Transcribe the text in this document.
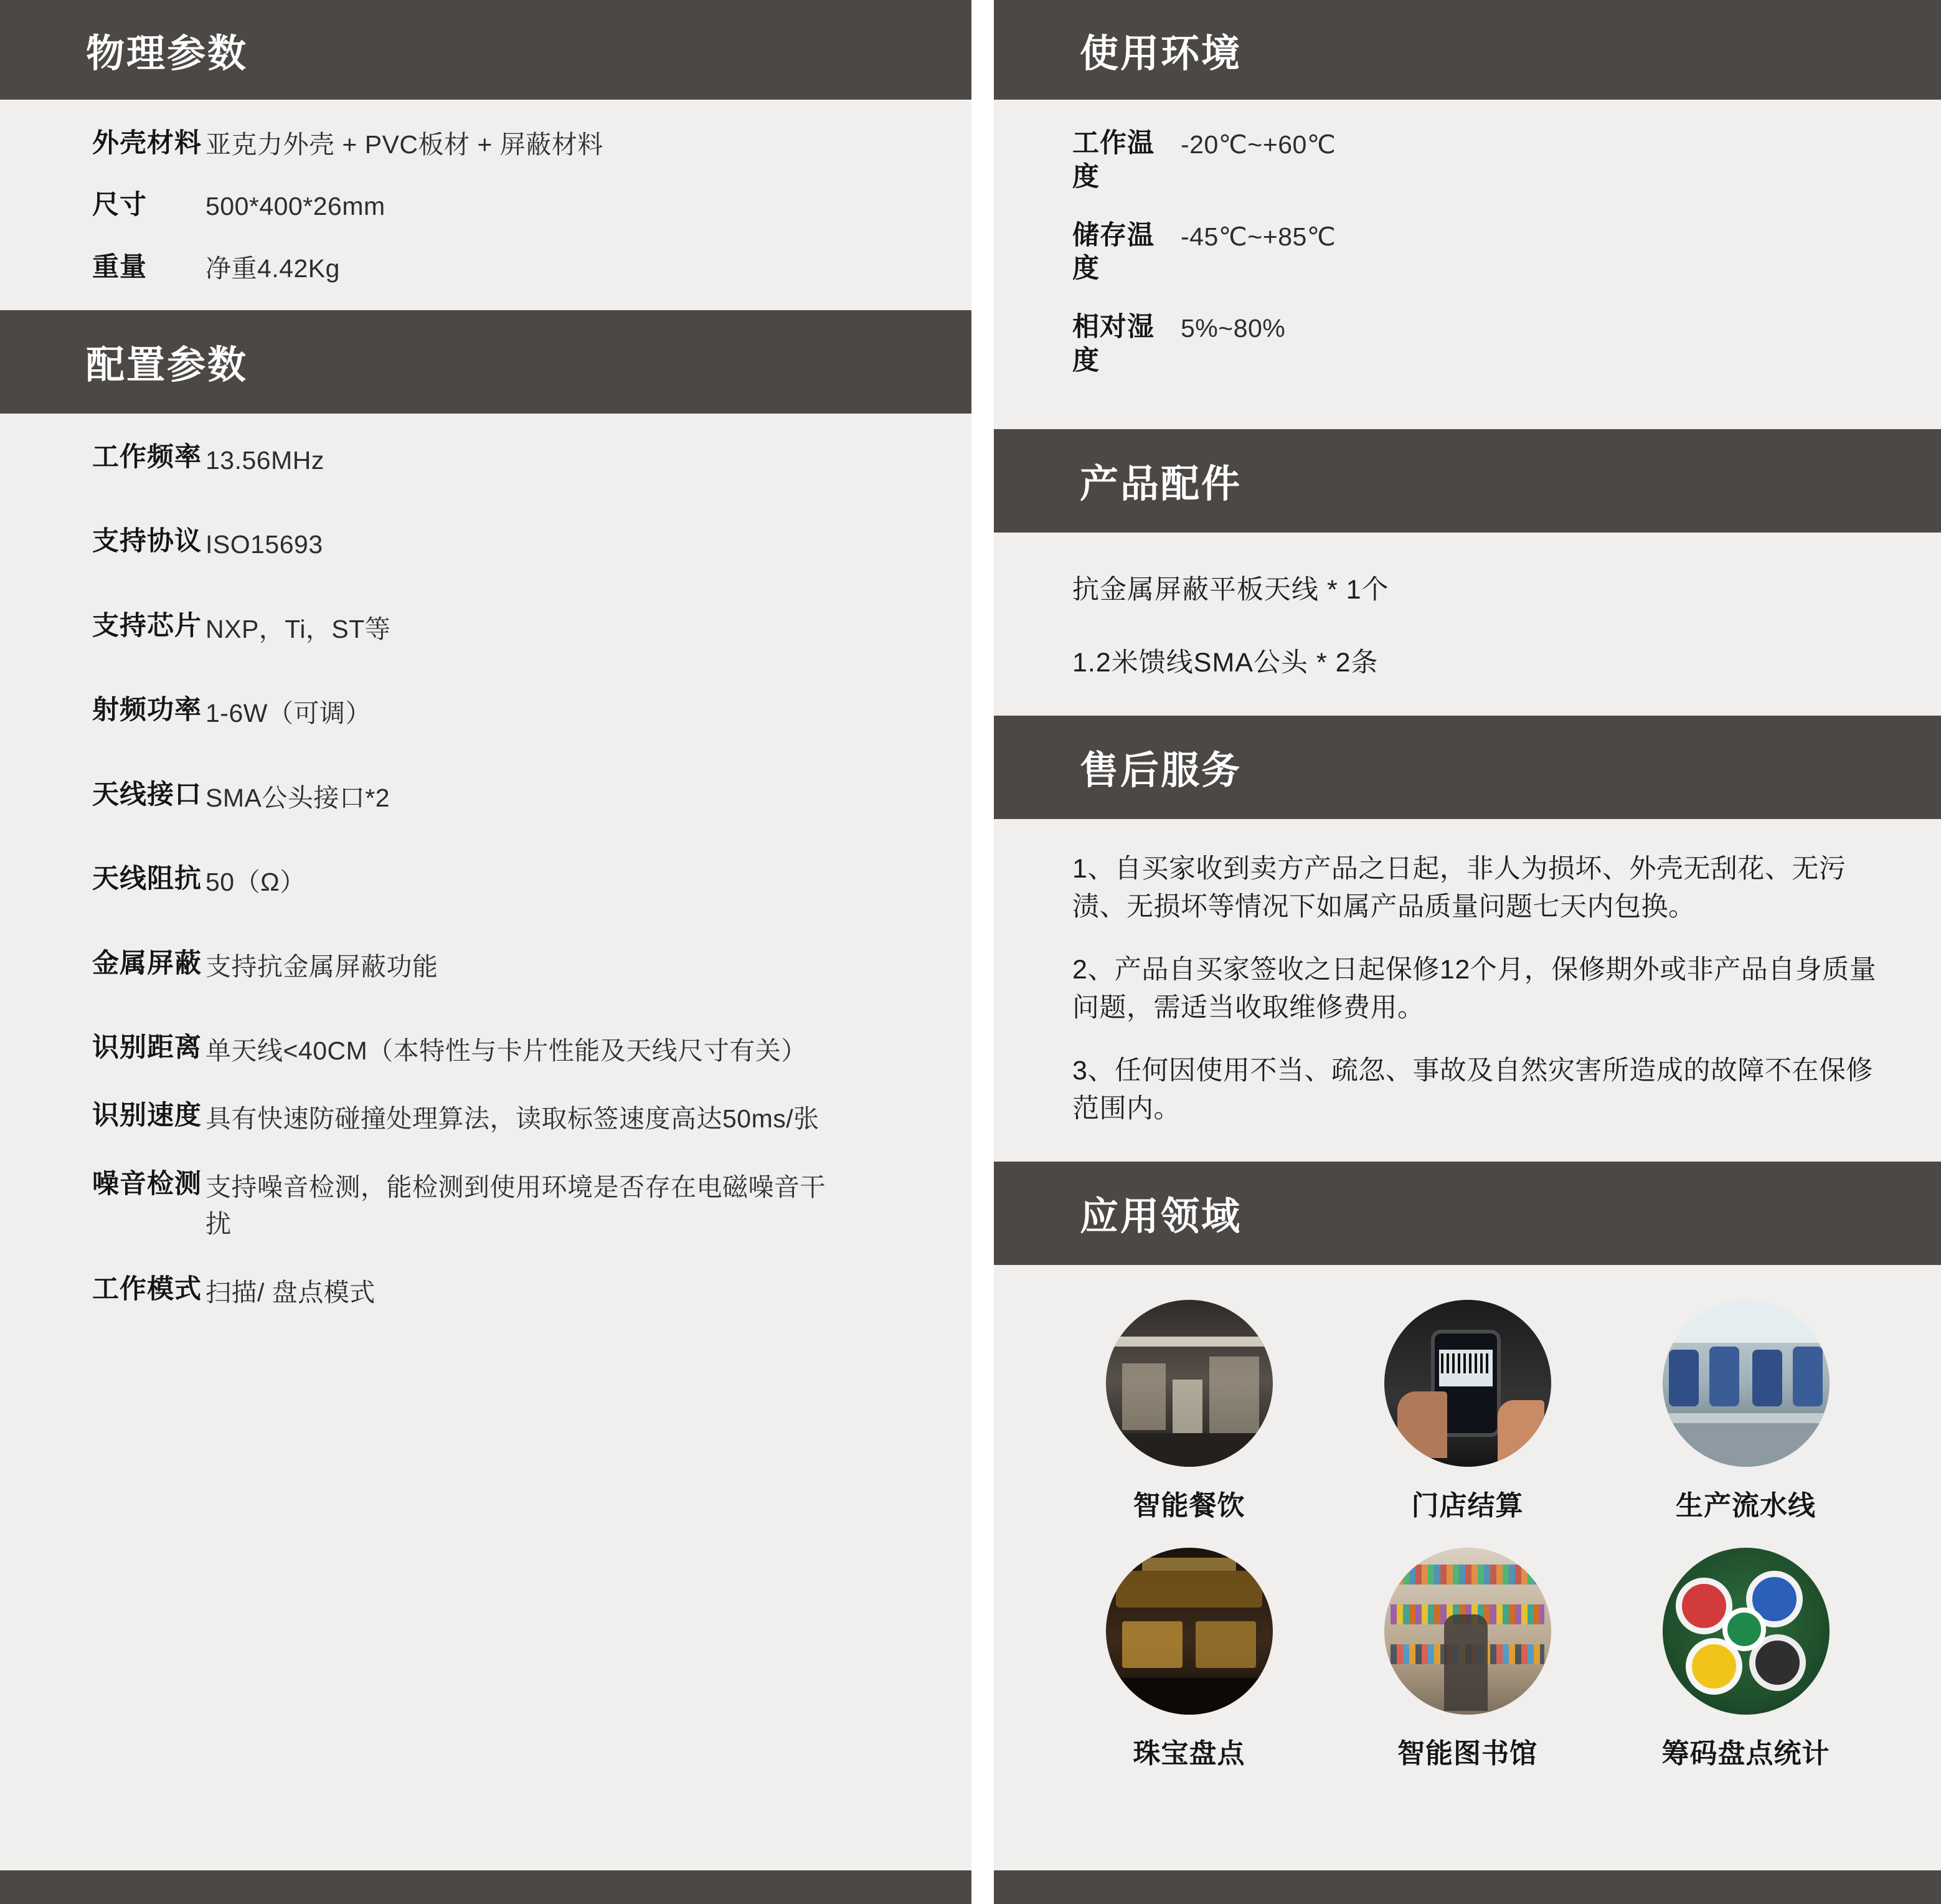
物理参数
外壳材料 亚克力外壳 + PVC板材 + 屏蔽材料
尺寸	500*400*26mm
重量	净重4.42Kg
配置参数
工作频率 13.56MHz
支持协议 ISO15693
支持芯片 NXP，Ti，ST等
射频功率 1-6W（可调）
天线接口 SMA公头接口*2
天线阻抗 50（Ω）
金属屏蔽 支持抗金属屏蔽功能
识别距离 单天线<40CM（本特性与卡片性能及天线尺寸有关）
识别速度 具有快速防碰撞处理算法，读取标签速度高达50ms/张
噪音检测 支持噪音检测，能检测到使用环境是否存在电磁噪音干扰
工作模式 扫描/ 盘点模式
使用环境
工作温度
-20℃~+60℃
储存温度
-45℃~+85℃
相对湿度
5%~80%
产品配件

抗金属屏蔽平板天线 * 1个

1.2米馈线SMA公头 * 2条

售后服务

1、自买家收到卖方产品之日起，非人为损坏、外壳无刮花、无污渍、无损坏等情况下如属产品质量问题七天内包换。

2、产品自买家签收之日起保修12个月，保修期外或非产品自身质量问题，需适当收取维修费用。

3、任何因使用不当、疏忽、事故及自然灾害所造成的故障不在保修范围内。

应用领域
智能餐饮	门店结算	生产流水线
珠宝盘点	智能图书馆	筹码盘点统计
